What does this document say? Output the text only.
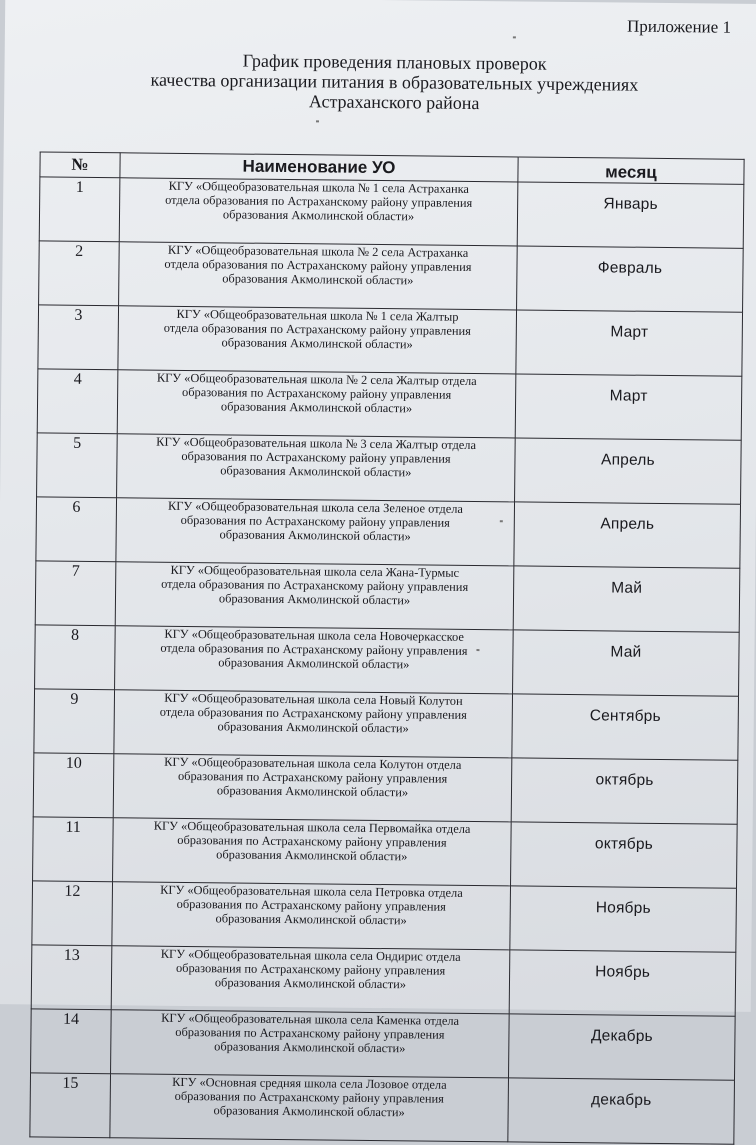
Приложение 1
График проведения плановых проверок
качества организации питания в образовательных учреждениях
Астраханского района
№	Наименование УО	месяц
1	КГУ «Общеобразовательная школа № 1 села Астраханка
отдела образования по Астраханскому району управления
образования Акмолинской области»	Январь
2	КГУ «Общеобразовательная школа № 2 села Астраханка
отдела образования по Астраханскому району управления
образования Акмолинской области»	Февраль
3	КГУ «Общеобразовательная школа № 1 села Жалтыр
отдела образования по Астраханскому району управления
образования Акмолинской области»	Март
4	КГУ «Общеобразовательная школа № 2 села Жалтыр отдела
образования по Астраханскому району управления
образования Акмолинской области»	Март
5	КГУ «Общеобразовательная школа № 3 села Жалтыр отдела
образования по Астраханскому району управления
образования Акмолинской области»	Апрель
6	КГУ «Общеобразовательная школа села Зеленое отдела
образования по Астраханскому району управления
образования Акмолинской области»	Апрель
7	КГУ «Общеобразовательная школа села Жана-Турмыс
отдела образования по Астраханскому району управления
образования Акмолинской области»	Май
8	КГУ «Общеобразовательная школа села Новочеркасское
отдела образования по Астраханскому району управления
образования Акмолинской области»	Май
9	КГУ «Общеобразовательная школа села Новый Колутон
отдела образования по Астраханскому району управления
образования Акмолинской области»	Сентябрь
10	КГУ «Общеобразовательная школа села Колутон отдела
образования по Астраханскому району управления
образования Акмолинской области»	октябрь
11	КГУ «Общеобразовательная школа села Первомайка отдела
образования по Астраханскому району управления
образования Акмолинской области»	октябрь
12	КГУ «Общеобразовательная школа села Петровка отдела
образования по Астраханскому району управления
образования Акмолинской области»	Ноябрь
13	КГУ «Общеобразовательная школа села Ондирис отдела
образования по Астраханскому району управления
образования Акмолинской области»	Ноябрь
14	КГУ «Общеобразовательная школа села Каменка отдела
образования по Астраханскому району управления
образования Акмолинской области»	Декабрь
15	КГУ «Основная средняя школа села Лозовое отдела
образования по Астраханскому району управления
образования Акмолинской области»	декабрь
